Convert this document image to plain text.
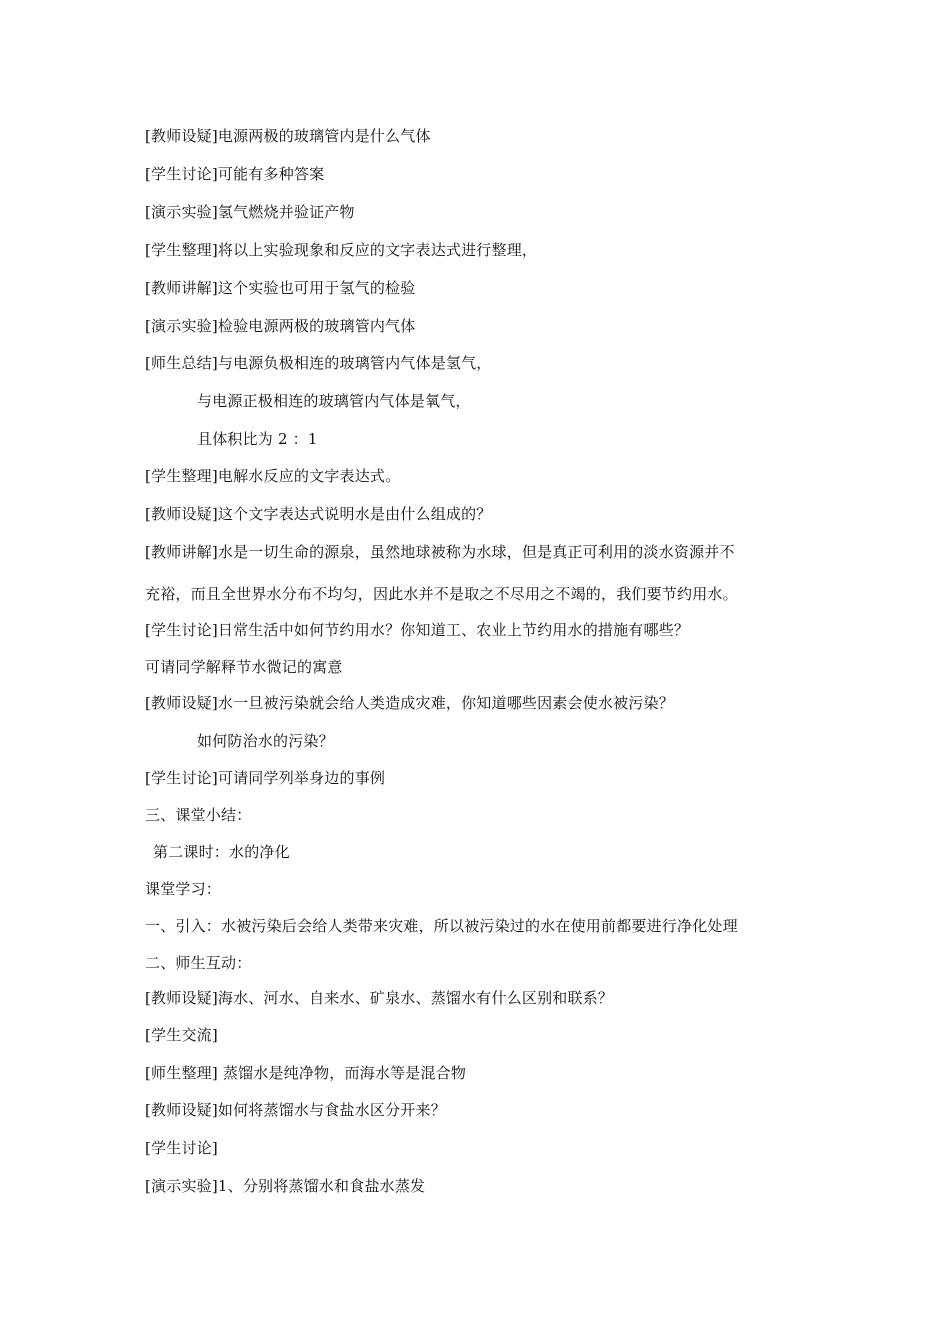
[教师设疑]电源两极的玻璃管内是什么气体
[学生讨论]可能有多种答案
[演示实验]氢气燃烧并验证产物
[学生整理]将以上实验现象和反应的文字表达式进行整理，
[教师讲解]这个实验也可用于氢气的检验
[演示实验]检验电源两极的玻璃管内气体
[师生总结]与电源负极相连的玻璃管内气体是氢气，
与电源正极相连的玻璃管内气体是氧气，
且体积比为 2 ：1
[学生整理]电解水反应的文字表达式。
[教师设疑]这个文字表达式说明水是由什么组成的？
[教师讲解]水是一切生命的源泉，虽然地球被称为水球，但是真正可利用的淡水资源并不
充裕，而且全世界水分布不均匀，因此水并不是取之不尽用之不竭的，我们要节约用水。
[学生讨论]日常生活中如何节约用水？你知道工、农业上节约用水的措施有哪些？
可请同学解释节水微记的寓意
[教师设疑]水一旦被污染就会给人类造成灾难，你知道哪些因素会使水被污染？
如何防治水的污染？
[学生讨论]可请同学列举身边的事例
三、课堂小结：
第二课时：水的净化
课堂学习：
一、引入：水被污染后会给人类带来灾难，所以被污染过的水在使用前都要进行净化处理
二、师生互动：
[教师设疑]海水、河水、自来水、矿泉水、蒸馏水有什么区别和联系？
[学生交流]
[师生整理] 蒸馏水是纯净物，而海水等是混合物
[教师设疑]如何将蒸馏水与食盐水区分开来？
[学生讨论]
[演示实验]1、分别将蒸馏水和食盐水蒸发
